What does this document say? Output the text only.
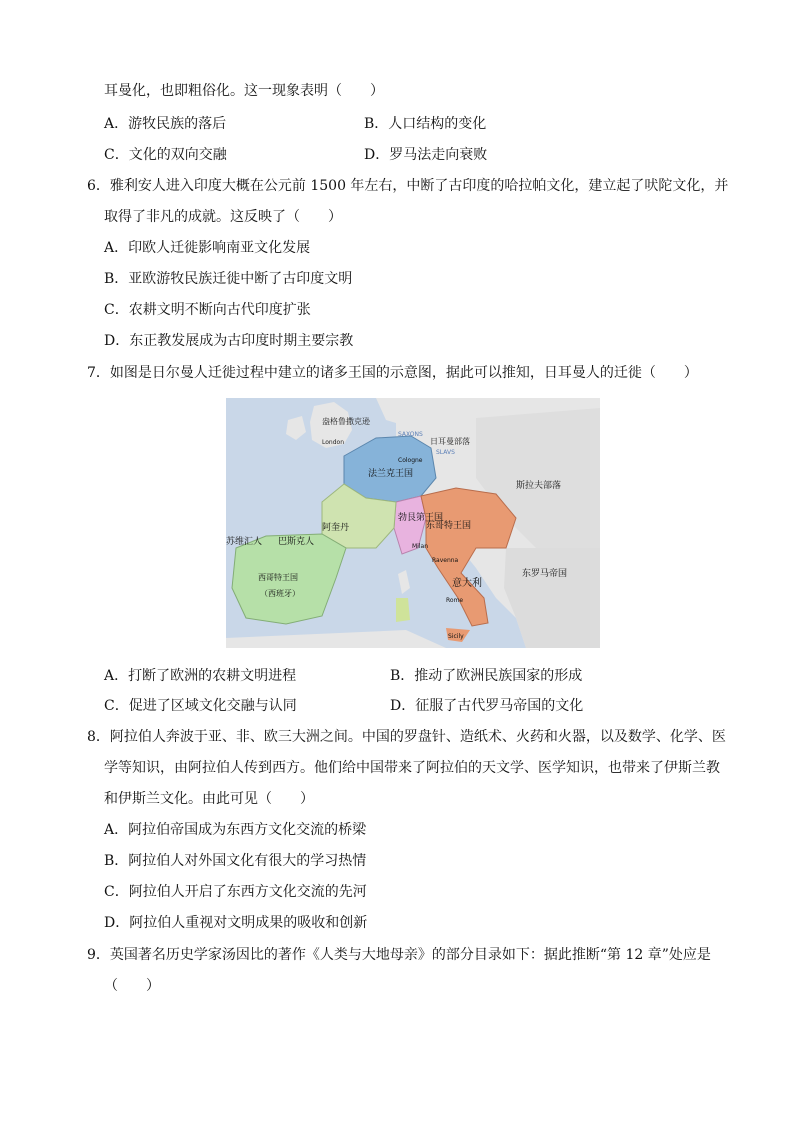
耳曼化，也即粗俗化。这一现象表明（　　）
A．游牧民族的落后	B．人口结构的变化
C．文化的双向交融	D．罗马法走向衰败
6．雅利安人进入印度大概在公元前 1500 年左右，中断了古印度的哈拉帕文化，建立起了吠陀文化，并
取得了非凡的成就。这反映了（　　）
A．印欧人迁徙影响南亚文化发展
B．亚欧游牧民族迁徙中断了古印度文明
C．农耕文明不断向古代印度扩张
D．东正教发展成为古印度时期主要宗教
7．如图是日尔曼人迁徙过程中建立的诸多王国的示意图，据此可以推知，日耳曼人的迁徙（　　）
盎格鲁撒克逊
London
SAXONS
日耳曼部落
SLAVS
法兰克王国
Cologne
斯拉夫部落
勃艮第王国
阿奎丹	东哥特王国
Milan
Ravenna
苏维汇人 巴斯克人
意大利
Rome
西哥特王国
（西班牙）
东罗马帝国
Sicily
A．打断了欧洲的农耕文明进程	B．推动了欧洲民族国家的形成
C．促进了区域文化交融与认同	D．征服了古代罗马帝国的文化
8．阿拉伯人奔波于亚、非、欧三大洲之间。中国的罗盘针、造纸术、火药和火器，以及数学、化学、医
学等知识，由阿拉伯人传到西方。他们给中国带来了阿拉伯的天文学、医学知识，也带来了伊斯兰教
和伊斯兰文化。由此可见（　　）
A．阿拉伯帝国成为东西方文化交流的桥梁
B．阿拉伯人对外国文化有很大的学习热情
C．阿拉伯人开启了东西方文化交流的先河
D．阿拉伯人重视对文明成果的吸收和创新
9．英国著名历史学家汤因比的著作《人类与大地母亲》的部分目录如下：据此推断“第 12 章”处应是
（　　）
